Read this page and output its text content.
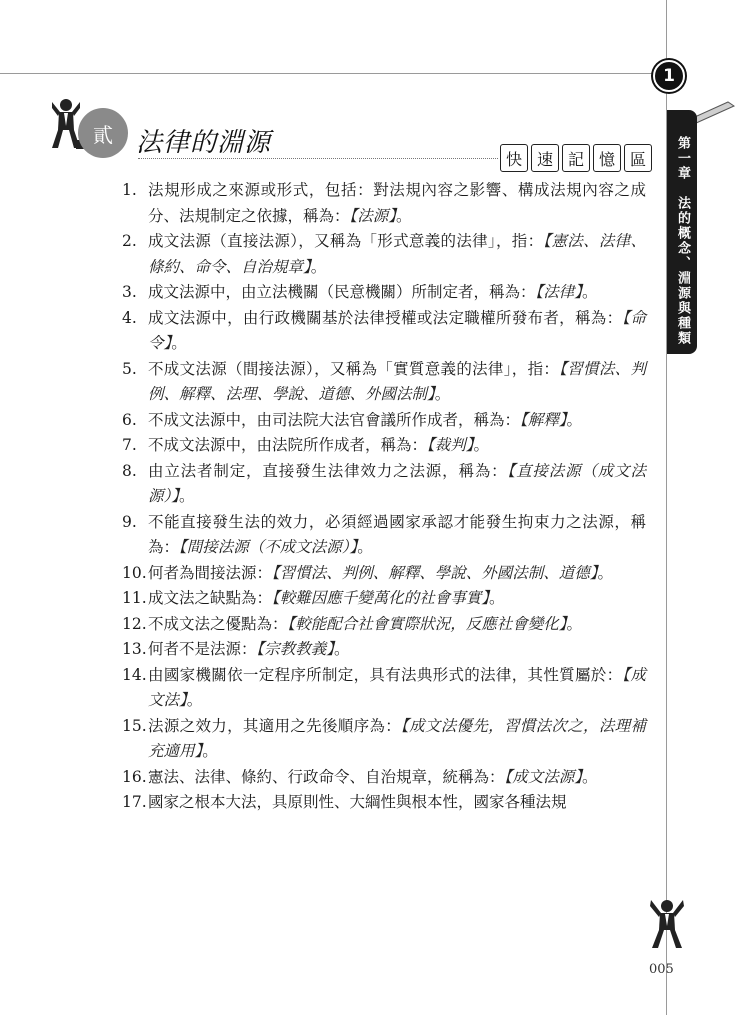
1
第一章　法的概念、淵源與種類
貳 法律的淵源
快 速 記 憶 區
1. 法規形成之來源或形式，包括：對法規內容之影響、構成法規內容之成分、法規制定之依據，稱為：【法源】。
2. 成文法源（直接法源），又稱為「形式意義的法律」，指：【憲法、法律、條約、命令、自治規章】。
3. 成文法源中，由立法機關（民意機關）所制定者，稱為：【法律】。
4. 成文法源中，由行政機關基於法律授權或法定職權所發布者，稱為：【命令】。
5. 不成文法源（間接法源），又稱為「實質意義的法律」，指：【習慣法、判例、解釋、法理、學說、道德、外國法制】。
6. 不成文法源中，由司法院大法官會議所作成者，稱為：【解釋】。
7. 不成文法源中，由法院所作成者，稱為：【裁判】。
8. 由立法者制定，直接發生法律效力之法源，稱為：【直接法源（成文法源）】。
9. 不能直接發生法的效力，必須經過國家承認才能發生拘束力之法源，稱為：【間接法源（不成文法源）】。
10. 何者為間接法源：【習慣法、判例、解釋、學說、外國法制、道德】。
11. 成文法之缺點為：【較難因應千變萬化的社會事實】。
12. 不成文法之優點為：【較能配合社會實際狀況，反應社會變化】。
13. 何者不是法源：【宗教教義】。
14. 由國家機關依一定程序所制定，具有法典形式的法律，其性質屬於：【成文法】。
15. 法源之效力，其適用之先後順序為：【成文法優先，習慣法次之，法理補充適用】。
16. 憲法、法律、條約、行政命令、自治規章，統稱為：【成文法源】。
17. 國家之根本大法，具原則性、大綱性與根本性，國家各種法規
005
